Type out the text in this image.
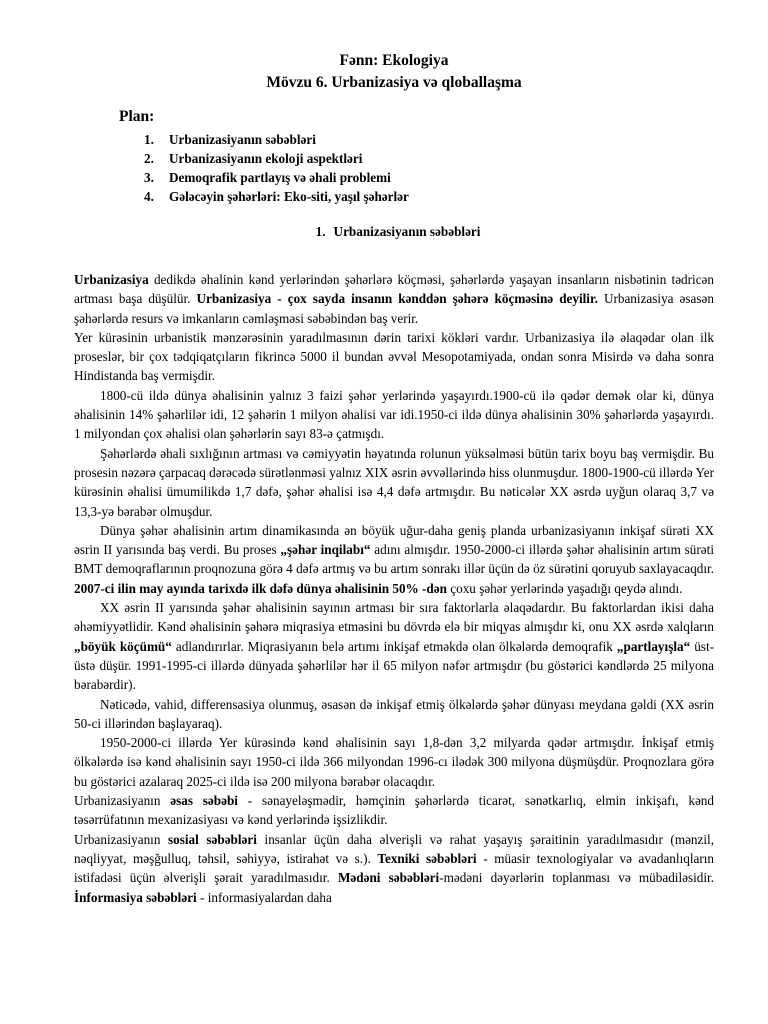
Fənn: Ekologiya
Mövzu 6. Urbanizasiya və qloballaşma
Plan:
1.	Urbanizasiyanın səbəbləri
2.	Urbanizasiyanın ekoloji aspektləri
3.	Demoqrafik partlayış və əhali problemi
4.	Gələcəyin şəhərləri: Eko-siti, yaşıl şəhərlər
1. Urbanizasiyanın səbəbləri

Urbanizasiya dedikdə əhalinin kənd yerlərindən şəhərlərə köçməsi, şəhərlərdə yaşayan insanların nisbətinin tədricən artması başa düşülür. Urbanizasiya - çox sayda insanın kənddən şəhərə köçməsinə deyilir. Urbanizasiya əsasən şəhərlərdə resurs və imkanların cəmləşməsi səbəbindən baş verir.

Yer kürəsinin urbanistik mənzərəsinin yaradılmasının dərin tarixi kökləri vardır. Urbanizasiya ilə əlaqədar olan ilk proseslər, bir çox tədqiqatçıların fikrincə 5000 il bundan əvvəl Mesopotamiyada, ondan sonra Misirdə və daha sonra Hindistanda baş vermişdir.

1800-cü ildə dünya əhalisinin yalnız 3 faizi şəhər yerlərində yaşayırdı.1900-cü ilə qədər demək olar ki, dünya əhalisinin 14% şəhərlilər idi, 12 şəhərin 1 milyon əhalisi var idi.1950-ci ildə dünya əhalisinin 30% şəhərlərdə yaşayırdı. 1 milyondan çox əhalisi olan şəhərlərin sayı 83-ə çatmışdı.

Şəhərlərdə əhali sıxlığının artması və cəmiyyətin həyatında rolunun yüksəlməsi bütün tarix boyu baş vermişdir. Bu prosesin nəzərə çarpacaq dərəcədə sürətlənməsi yalnız XIX əsrin əvvəllərində hiss olunmuşdur. 1800-1900-cü illərdə Yer kürəsinin əhalisi ümumilikdə 1,7 dəfə, şəhər əhalisi isə 4,4 dəfə artmışdır. Bu nəticələr XX əsrdə uyğun olaraq 3,7 və 13,3-yə bərabər olmuşdur.

Dünya şəhər əhalisinin artım dinamikasında ən böyük uğur-daha geniş planda urbanizasiyanın inkişaf sürəti XX əsrin II yarısında baş verdi. Bu proses „şəhər inqilabı“ adını almışdır. 1950-2000-ci illərdə şəhər əhalisinin artım sürəti BMT demoqraflarının proqnozuna görə 4 dəfə artmış və bu artım sonrakı illər üçün də öz sürətini qoruyub saxlayacaqdır. 2007-ci ilin may ayında tarixdə ilk dəfə dünya əhalisinin 50% -dən çoxu şəhər yerlərində yaşadığı qeydə alındı.

XX əsrin II yarısında şəhər əhalisinin sayının artması bir sıra faktorlarla əlaqədardır. Bu faktorlardan ikisi daha əhəmiyyətlidir. Kənd əhalisinin şəhərə miqrasiya etməsini bu dövrdə elə bir miqyas almışdır ki, onu XX əsrdə xalqların „böyük köçümü“ adlandırırlar. Miqrasiyanın belə artımı inkişaf etməkdə olan ölkələrdə demoqrafik „partlayışla“ üst-üstə düşür. 1991-1995-ci illərdə dünyada şəhərlilər hər il 65 milyon nəfər artmışdır (bu göstərici kəndlərdə 25 milyona bərabərdir).

Nəticədə, vahid, differensasiya olunmuş, əsasən də inkişaf etmiş ölkələrdə şəhər dünyası meydana gəldi (XX əsrin 50-ci illərindən başlayaraq).

1950-2000-ci illərdə Yer kürəsində kənd əhalisinin sayı 1,8-dən 3,2 milyarda qədər artmışdır. İnkişaf etmiş ölkələrdə isə kənd əhalisinin sayı 1950-ci ildə 366 milyondan 1996-cı ilədək 300 milyona düşmüşdür. Proqnozlara görə bu göstərici azalaraq 2025-ci ildə isə 200 milyona bərabər olacaqdır.

Urbanizasiyanın əsas səbəbi - sənayeləşmədir, həmçinin şəhərlərdə ticarət, sənətkarlıq, elmin inkişafı, kənd təsərrüfatının mexanizasiyası və kənd yerlərində işsizlikdir.

Urbanizasiyanın sosial səbəbləri insanlar üçün daha əlverişli və rahat yaşayış şəraitinin yaradılmasıdır (mənzil, nəqliyyat, məşğulluq, təhsil, səhiyyə, istirahət və s.). Texniki səbəbləri - müasir texnologiyalar və avadanlıqların istifadəsi üçün əlverişli şərait yaradılmasıdır. Mədəni səbəbləri-mədəni dəyərlərin toplanması və mübadiləsidir. İnformasiya səbəbləri - informasiyalardan daha
